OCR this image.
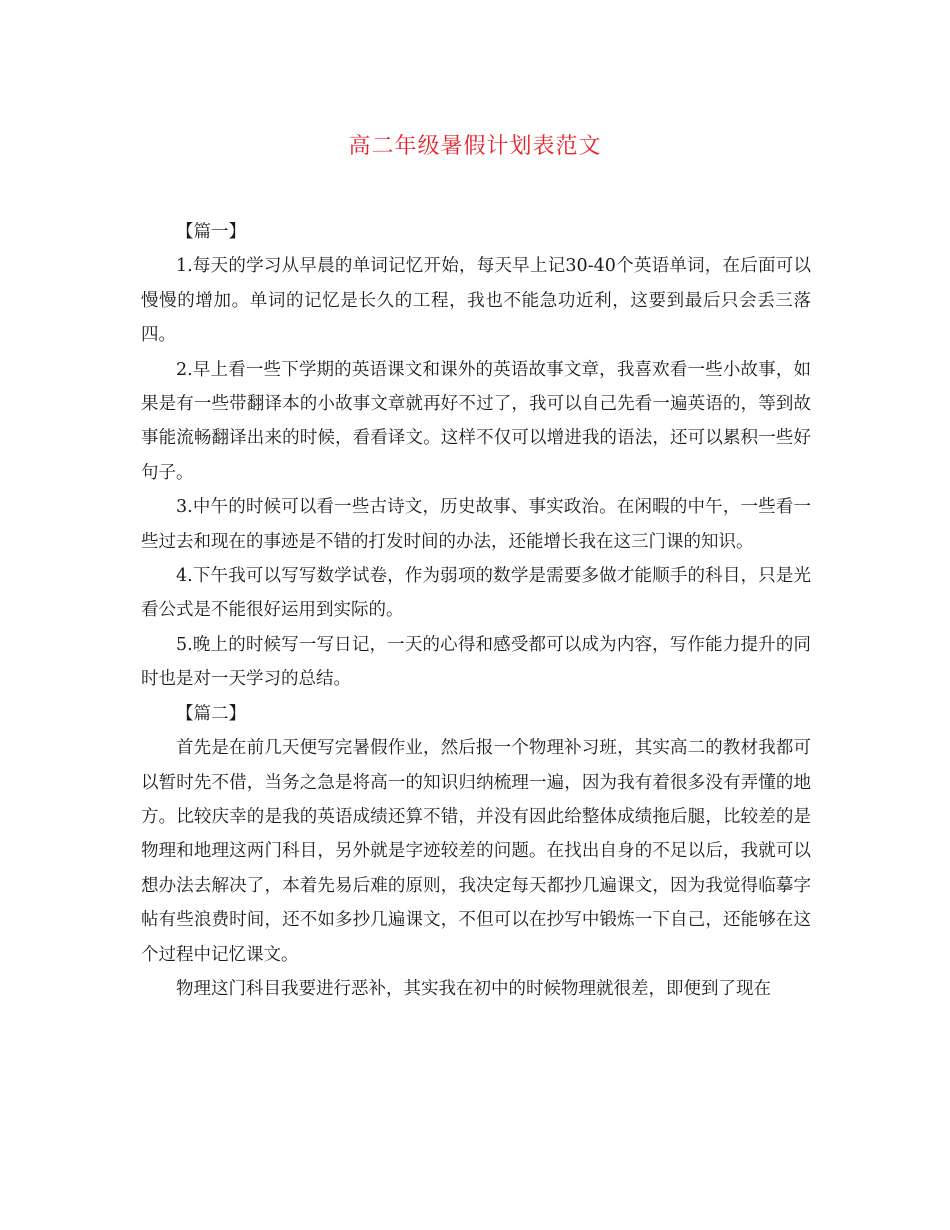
高二年级暑假计划表范文

【篇一】

1.每天的学习从早晨的单词记忆开始，每天早上记30-40个英语单词，在后面可以慢慢的增加。单词的记忆是长久的工程，我也不能急功近利，这要到最后只会丢三落四。

2.早上看一些下学期的英语课文和课外的英语故事文章，我喜欢看一些小故事，如果是有一些带翻译本的小故事文章就再好不过了，我可以自己先看一遍英语的，等到故事能流畅翻译出来的时候，看看译文。这样不仅可以增进我的语法，还可以累积一些好句子。

3.中午的时候可以看一些古诗文，历史故事、事实政治。在闲暇的中午，一些看一些过去和现在的事迹是不错的打发时间的办法，还能增长我在这三门课的知识。

4.下午我可以写写数学试卷，作为弱项的数学是需要多做才能顺手的科目，只是光看公式是不能很好运用到实际的。

5.晚上的时候写一写日记，一天的心得和感受都可以成为内容，写作能力提升的同时也是对一天学习的总结。

【篇二】

首先是在前几天便写完暑假作业，然后报一个物理补习班，其实高二的教材我都可以暂时先不借，当务之急是将高一的知识归纳梳理一遍，因为我有着很多没有弄懂的地方。比较庆幸的是我的英语成绩还算不错，并没有因此给整体成绩拖后腿，比较差的是物理和地理这两门科目，另外就是字迹较差的问题。在找出自身的不足以后，我就可以想办法去解决了，本着先易后难的原则，我决定每天都抄几遍课文，因为我觉得临摹字帖有些浪费时间，还不如多抄几遍课文，不但可以在抄写中锻炼一下自己，还能够在这个过程中记忆课文。

物理这门科目我要进行恶补，其实我在初中的时候物理就很差，即便到了现在
